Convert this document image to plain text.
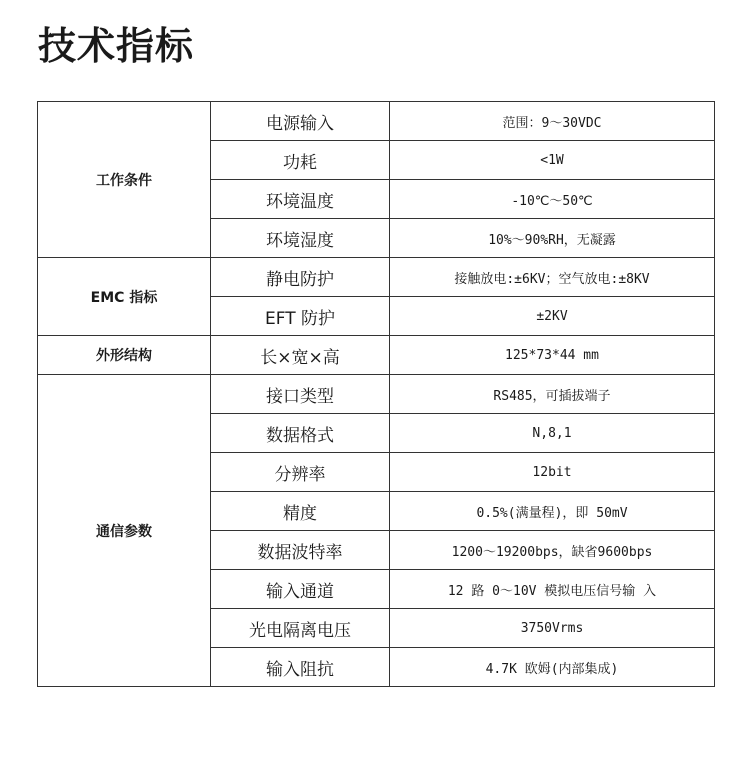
技术指标
工作条件	电源输入	范围：9～30VDC
	功耗	<1W
	环境温度	-10℃～50℃
	环境湿度	10%～90%RH，无凝露
EMC 指标	静电防护	接触放电:±6KV；空气放电:±8KV
	EFT 防护	±2KV
外形结构	长×宽×高	125*73*44 mm
通信参数	接口类型	RS485，可插拔端子
	数据格式	N,8,1
	分辨率	12bit
	精度	0.5%(满量程)，即 50mV
	数据波特率	1200～19200bps，缺省9600bps
	输入通道	12 路 0～10V 模拟电压信号输 入
	光电隔离电压	3750Vrms
	输入阻抗	4.7K 欧姆(内部集成)
